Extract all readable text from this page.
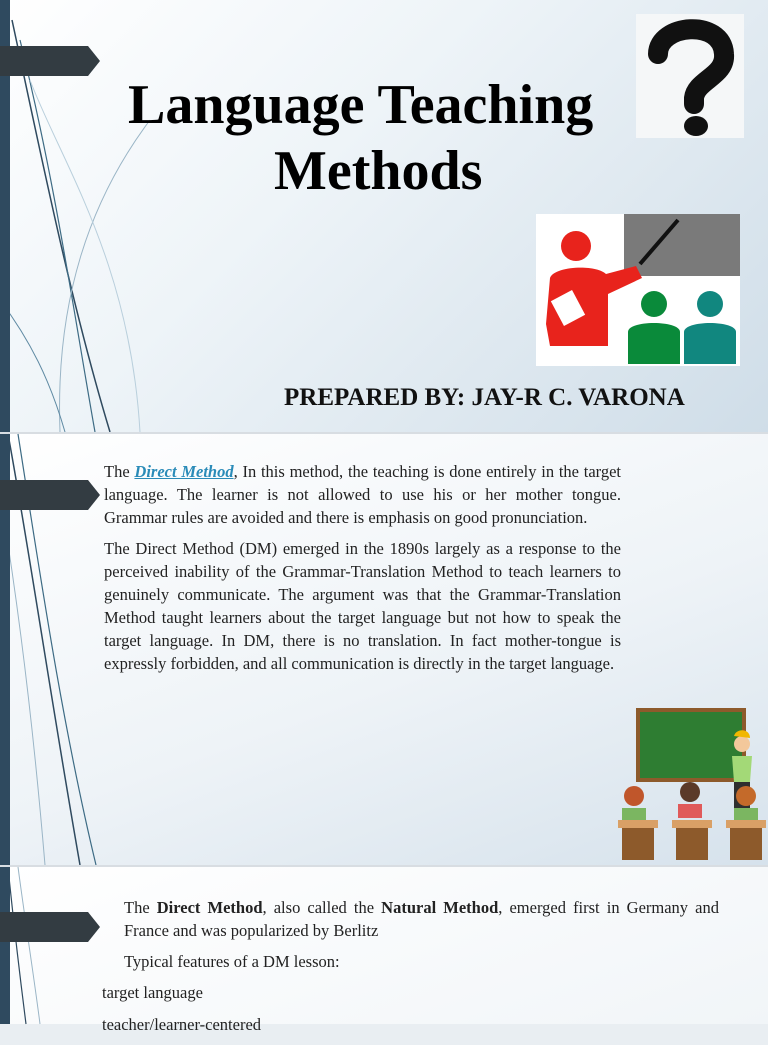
Language Teaching
Methods
PREPARED BY: JAY-R C. VARONA
The Direct Method, In this method, the teaching is done entirely in the target language. The learner is not allowed to use his or her mother tongue. Grammar rules are avoided and there is emphasis on good pronunciation.
The Direct Method (DM) emerged in the 1890s largely as a response to the perceived inability of the Grammar-Translation Method to teach learners to genuinely communicate. The argument was that the Grammar-Translation Method taught learners about the target language but not how to speak the target language. In DM, there is no translation. In fact mother-tongue is expressly forbidden, and all communication is directly in the target language.
The Direct Method, also called the Natural Method, emerged first in Germany and France and was popularized by Berlitz
Typical features of a DM lesson:
target language
teacher/learner-centered
